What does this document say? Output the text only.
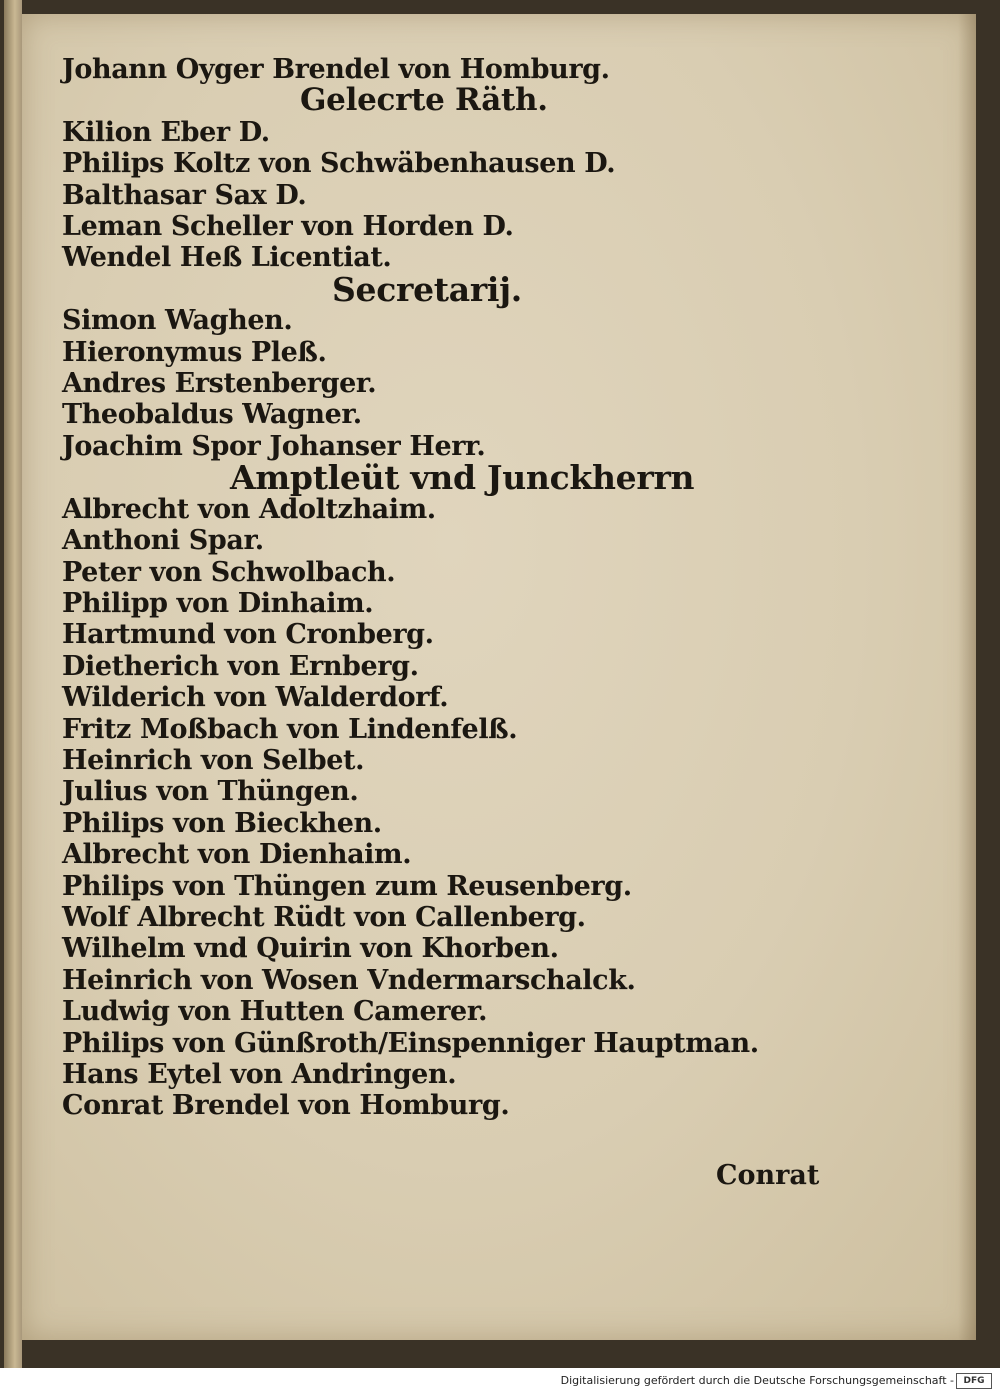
Johann Oyger Brendel von Homburg.
Gelecrte Räth.
Kilion Eber D.
Philips Koltz von Schwäbenhausen D.
Balthasar Sax D.
Leman Scheller von Horden D.
Wendel Heß Licentiat.
Secretarij.
Simon Waghen.
Hieronymus Pleß.
Andres Erstenberger.
Theobaldus Wagner.
Joachim Spor Johanser Herr.
Amptleüt vnd Junckherrn
Albrecht von Adoltzhaim.
Anthoni Spar.
Peter von Schwolbach.
Philipp von Dinhaim.
Hartmund von Cronberg.
Dietherich von Ernberg.
Wilderich von Walderdorf.
Fritz Moßbach von Lindenfelß.
Heinrich von Selbet.
Julius von Thüngen.
Philips von Bieckhen.
Albrecht von Dienhaim.
Philips von Thüngen zum Reusenberg.
Wolf Albrecht Rüdt von Callenberg.
Wilhelm vnd Quirin von Khorben.
Heinrich von Wosen Vndermarschalck.
Ludwig von Hutten Camerer.
Philips von Günßroth/Einspenniger Hauptman.
Hans Eytel von Andringen.
Conrat Brendel von Homburg.
Conrat
Digitalisierung gefördert durch die Deutsche Forschungsgemeinschaft -	DFG
